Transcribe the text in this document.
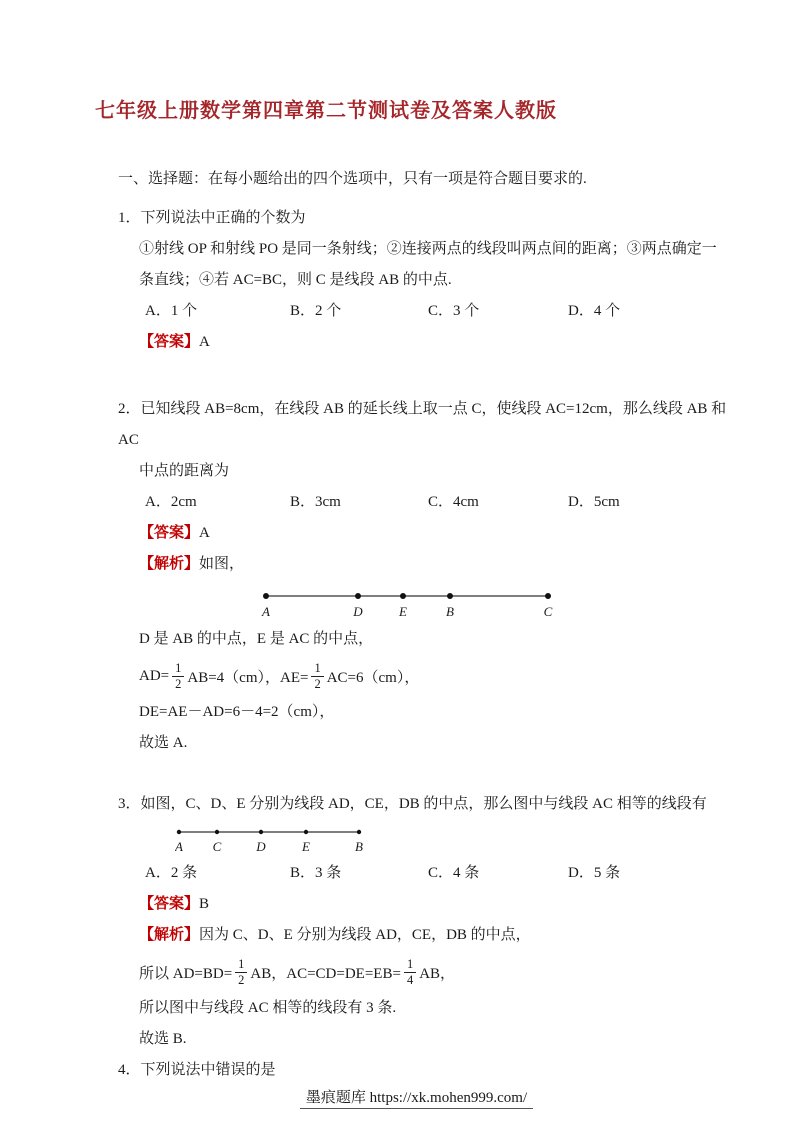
七年级上册数学第四章第二节测试卷及答案人教版
一、选择题：在每小题给出的四个选项中，只有一项是符合题目要求的.
1．下列说法中正确的个数为
①射线 OP 和射线 PO 是同一条射线；②连接两点的线段叫两点间的距离；③两点确定一
条直线；④若 AC=BC，则 C 是线段 AB 的中点.
A．1 个	B．2 个	C．3 个	D．4 个
【答案】A
2．已知线段 AB=8cm，在线段 AB 的延长线上取一点 C，使线段 AC=12cm，那么线段 AB 和 AC
中点的距离为
A．2cm	B．3cm	C．4cm	D．5cm
【答案】A
【解析】如图，
A	D	E	B	C
D 是 AB 的中点，E 是 AC 的中点，
$AD= \frac{1}{2} AB=4(cm)$，$AE= \frac{1}{2} AC=6(cm)$，
DE=AE－AD=6－4=2（cm），
故选 A.
3．如图，C、D、E 分别为线段 AD，CE，DB 的中点，那么图中与线段 AC 相等的线段有
A C	D	E	B
A．2 条	B．3 条	C．4 条	D．5 条
【答案】B
【解析】因为 C、D、E 分别为线段 AD，CE，DB 的中点，
所以 $AD=BD= \frac{1}{2}$ AB，$AC=CD=DE=EB= \frac{1}{4}$ AB，
所以图中与线段 AC 相等的线段有 3 条.
故选 B.
4．下列说法中错误的是
墨痕题库 https://xk.mohen999.com/
